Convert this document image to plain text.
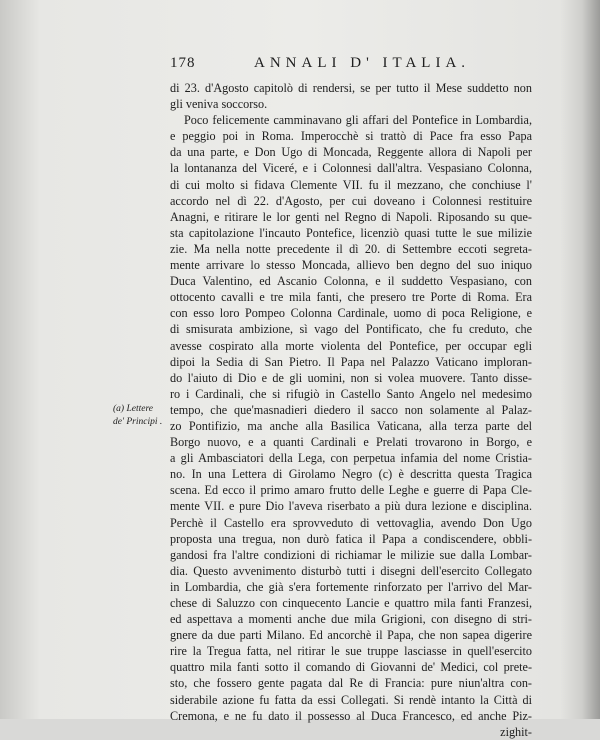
178	ANNALI D' ITALIA.
(a) Lettere
de' Principi .
di 23. d'Agosto capitolò di rendersi, se per tutto il Mese suddetto non
gli veniva soccorso.
Poco felicemente camminavano gli affari del Pontefice in Lombardia,
e peggio poi in Roma. Imperocchè si trattò di Pace fra esso Papa
da una parte, e Don Ugo di Moncada, Reggente allora di Napoli per
la lontananza del Viceré, e i Colonnesi dall'altra. Vespasiano Colonna,
di cui molto si fidava Clemente VII. fu il mezzano, che conchiuse l'
accordo nel dì 22. d'Agosto, per cui doveano i Colonnesi restituire
Anagni, e ritirare le lor genti nel Regno di Napoli. Riposando su que-
sta capitolazione l'incauto Pontefice, licenziò quasi tutte le sue milizie
zie. Ma nella notte precedente il dì 20. di Settembre eccoti segreta-
mente arrivare lo stesso Moncada, allievo ben degno del suo iniquo
Duca Valentino, ed Ascanio Colonna, e il suddetto Vespasiano, con
ottocento cavalli e tre mila fanti, che presero tre Porte di Roma. Era
con esso loro Pompeo Colonna Cardinale, uomo di poca Religione, e
di smisurata ambizione, sì vago del Pontificato, che fu creduto, che
avesse cospirato alla morte violenta del Pontefice, per occupar egli
dipoi la Sedia di San Pietro. Il Papa nel Palazzo Vaticano imploran-
do l'aiuto di Dio e de gli uomini, non si volea muovere. Tanto disse-
ro i Cardinali, che si rifugiò in Castello Santo Angelo nel medesimo
tempo, che que'masnadieri diedero il sacco non solamente al Palaz-
zo Pontifizio, ma anche alla Basilica Vaticana, alla terza parte del
Borgo nuovo, e a quanti Cardinali e Prelati trovarono in Borgo, e
a gli Ambasciatori della Lega, con perpetua infamia del nome Cristia-
no. In una Lettera di Girolamo Negro (c) è descritta questa Tragica
scena. Ed ecco il primo amaro frutto delle Leghe e guerre di Papa Cle-
mente VII. e pure Dio l'aveva riserbato a più dura lezione e disciplina.
Perchè il Castello era sprovveduto di vettovaglia, avendo Don Ugo
proposta una tregua, non durò fatica il Papa a condiscendere, obbli-
gandosi fra l'altre condizioni di richiamar le milizie sue dalla Lombar-
dia. Questo avvenimento disturbò tutti i disegni dell'esercito Collegato
in Lombardia, che già s'era fortemente rinforzato per l'arrivo del Mar-
chese di Saluzzo con cinquecento Lancie e quattro mila fanti Franzesi,
ed aspettava a momenti anche due mila Grigioni, con disegno di stri-
gnere da due parti Milano. Ed ancorchè il Papa, che non sapea digerire
rire la Tregua fatta, nel ritirar le sue truppe lasciasse in quell'esercito
quattro mila fanti sotto il comando di Giovanni de' Medici, col prete-
sto, che fossero gente pagata dal Re di Francia: pure niun'altra con-
siderabile azione fu fatta da essi Collegati. Si rendè intanto la Città di
Cremona, e ne fu dato il possesso al Duca Francesco, ed anche Piz-
zighit-
